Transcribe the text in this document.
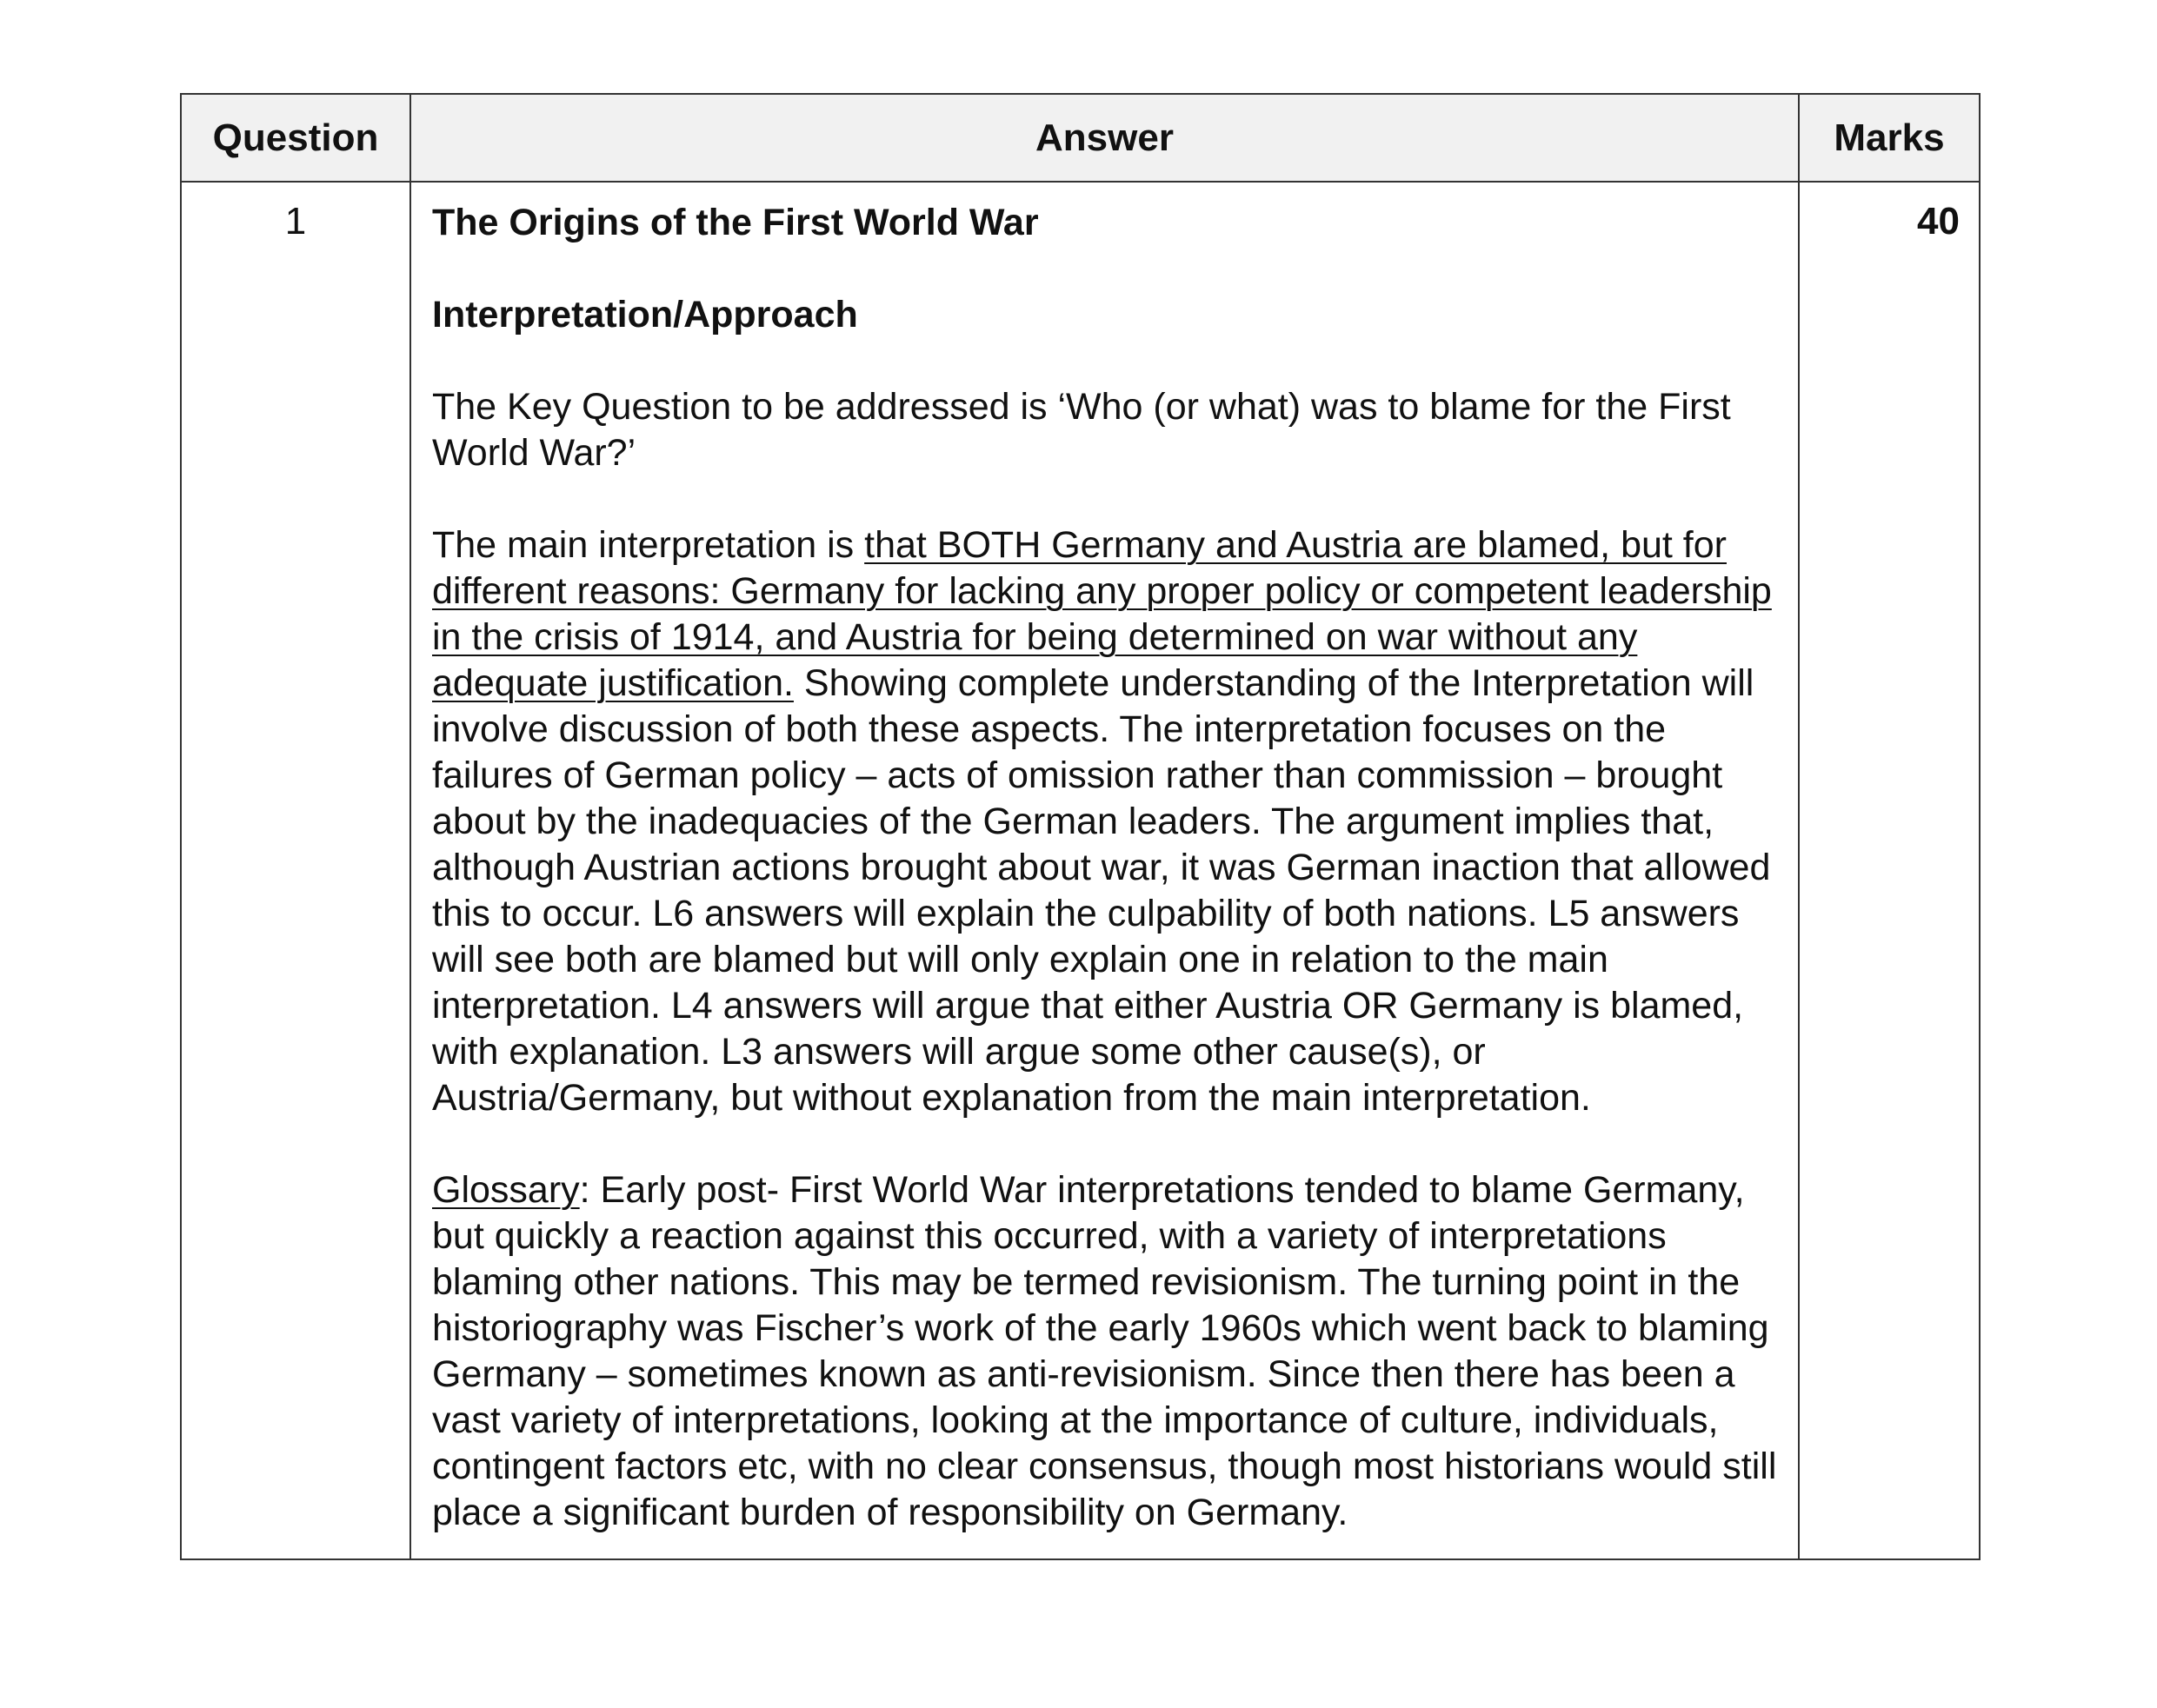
Question	Answer	Marks
1	The Origins of the First World War

Interpretation/Approach

The Key Question to be addressed is ‘Who (or what) was to blame for the First World War?’

The main interpretation is that BOTH Germany and Austria are blamed, but for different reasons: Germany for lacking any proper policy or competent leadership in the crisis of 1914, and Austria for being determined on war without any adequate justification. Showing complete understanding of the Interpretation will involve discussion of both these aspects. The interpretation focuses on the failures of German policy – acts of omission rather than commission – brought about by the inadequacies of the German leaders. The argument implies that, although Austrian actions brought about war, it was German inaction that allowed this to occur. L6 answers will explain the culpability of both nations. L5 answers will see both are blamed but will only explain one in relation to the main interpretation. L4 answers will argue that either Austria OR Germany is blamed, with explanation. L3 answers will argue some other cause(s), or Austria/Germany, but without explanation from the main interpretation.

Glossary: Early post- First World War interpretations tended to blame Germany, but quickly a reaction against this occurred, with a variety of interpretations blaming other nations. This may be termed revisionism. The turning point in the historiography was Fischer’s work of the early 1960s which went back to blaming Germany – sometimes known as anti-revisionism. Since then there has been a vast variety of interpretations, looking at the importance of culture, individuals, contingent factors etc, with no clear consensus, though most historians would still place a significant burden of responsibility on Germany.	40
